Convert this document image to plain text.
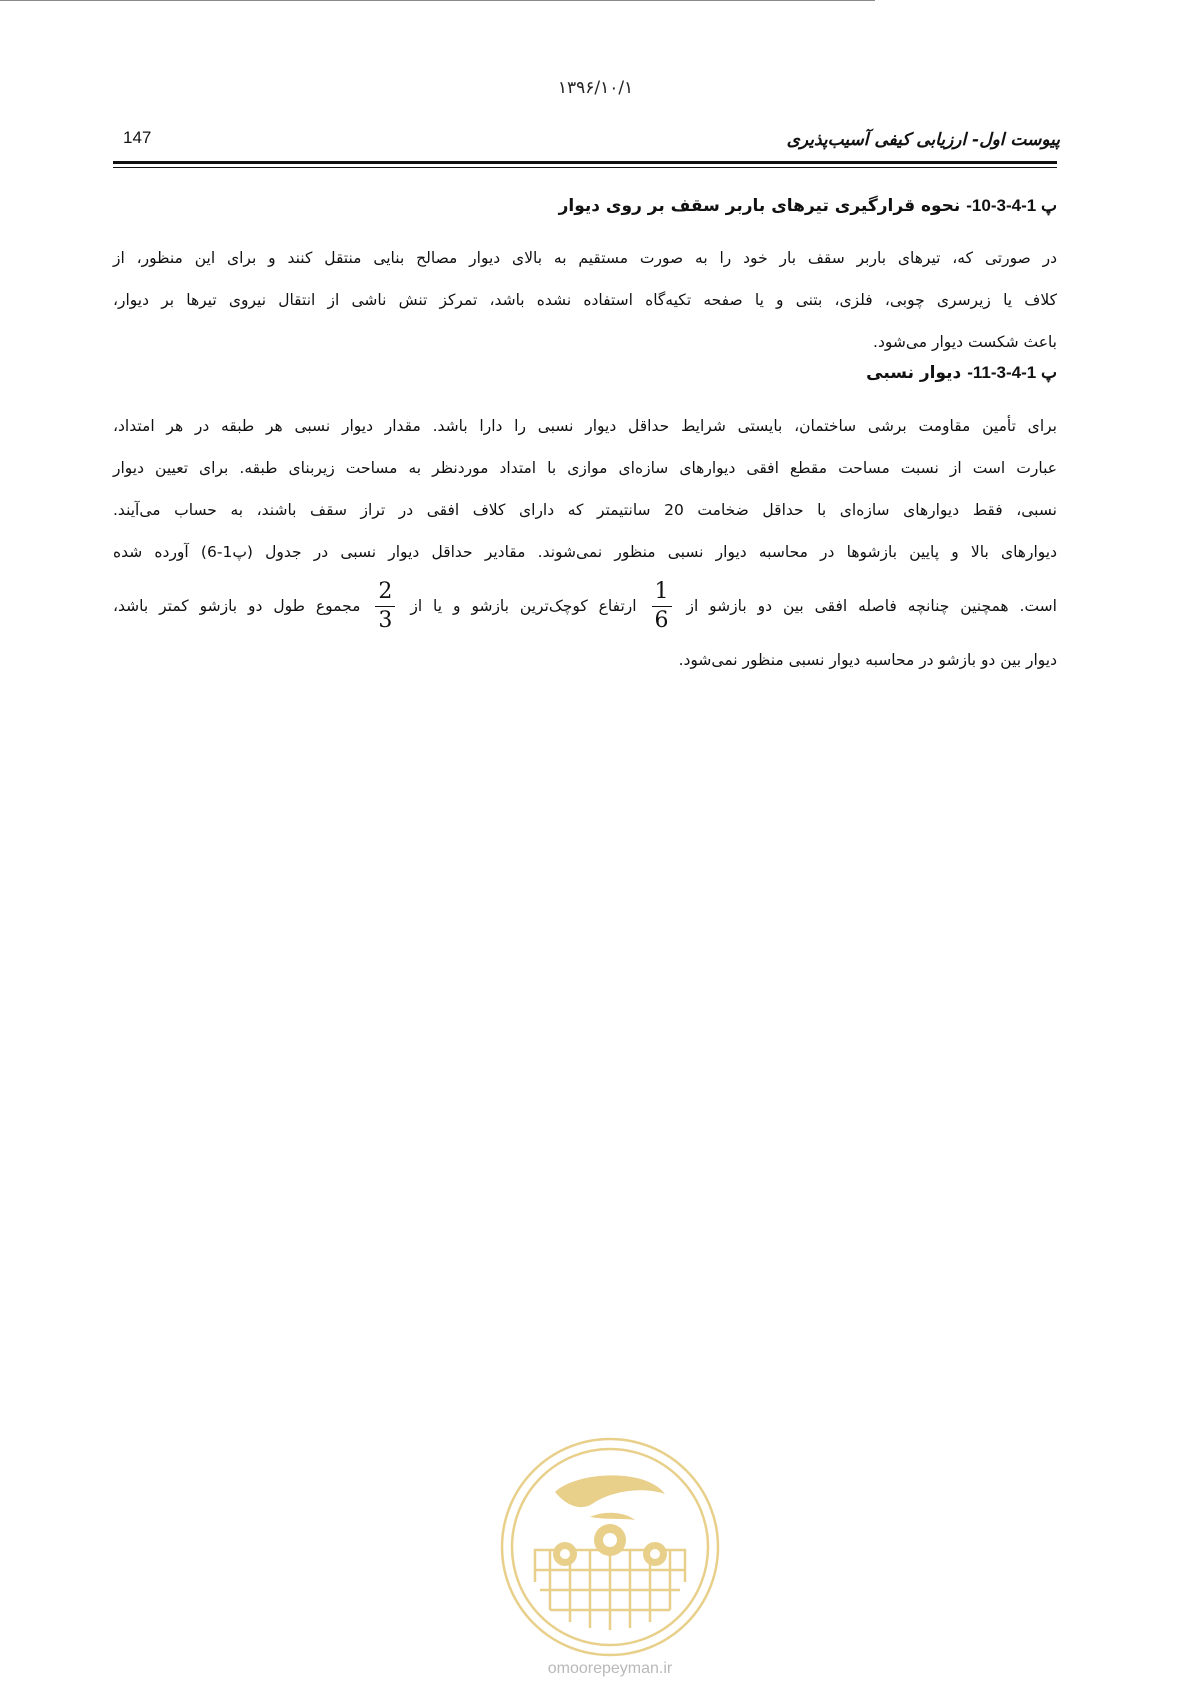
۱۳۹۶/۱۰/۱
147	پیوست اول- ارزیابی کیفی آسیب‌پذیری

پ 1-4-3-10- نحوه قرارگیری تیرهای باربر سقف بر روی دیوار

در صورتی که، تیرهای باربر سقف بار خود را به صورت مستقیم به بالای دیوار مصالح بنایی منتقل کنند و برای این منظور، از
کلاف یا زیرسری چوبی، فلزی، بتنی و یا صفحه تکیه‌گاه استفاده نشده باشد، تمرکز تنش ناشی از انتقال نیروی تیرها بر دیوار،
باعث شکست دیوار می‌شود.

پ 1-4-3-11- دیوار نسبی

برای تأمین مقاومت برشی ساختمان، بایستی شرایط حداقل دیوار نسبی را دارا باشد. مقدار دیوار نسبی هر طبقه در هر امتداد،
عبارت است از نسبت مساحت مقطع افقی دیوارهای سازه‌ای موازی با امتداد موردنظر به مساحت زیربنای طبقه. برای تعیین دیوار
نسبی، فقط دیوارهای سازه‌ای با حداقل ضخامت 20 سانتیمتر که دارای کلاف افقی در تراز سقف باشند، به حساب می‌آیند.
دیوارهای بالا و پایین بازشوها در محاسبه دیوار نسبی منظور نمی‌شوند. مقادیر حداقل دیوار نسبی در جدول (پ1-6) آورده شده
است. همچنین چنانچه فاصله افقی بین دو بازشو از
$\frac{1}{6}$
ارتفاع کوچک‌ترین بازشو و یا از
$\frac{2}{3}$
مجموع طول دو بازشو کمتر باشد،
دیوار بین دو بازشو در محاسبه دیوار نسبی منظور نمی‌شود.
omoorepeyman.ir
